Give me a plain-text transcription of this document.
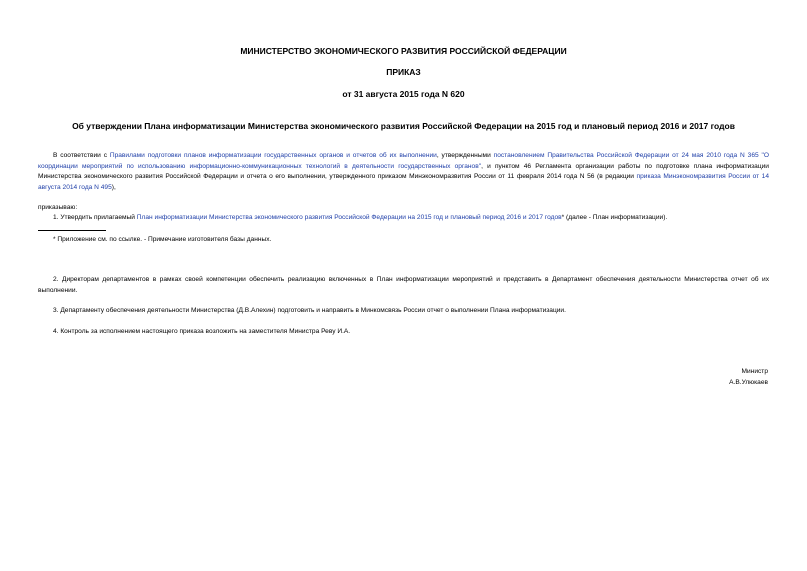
МИНИСТЕРСТВО ЭКОНОМИЧЕСКОГО РАЗВИТИЯ РОССИЙСКОЙ ФЕДЕРАЦИИ
ПРИКАЗ
от 31 августа 2015 года N 620
Об утверждении Плана информатизации Министерства экономического развития Российской Федерации на 2015 год и плановый период 2016 и 2017 годов
В соответствии с Правилами подготовки планов информатизации государственных органов и отчетов об их выполнении, утвержденными постановлением Правительства Российской Федерации от 24 мая 2010 года N 365 "О координации мероприятий по использованию информационно-коммуникационных технологий в деятельности государственных органов", и пунктом 46 Регламента организации работы по подготовке плана информатизации Министерства экономического развития Российской Федерации и отчета о его выполнении, утвержденного приказом Минэкономразвития России от 11 февраля 2014 года N 56 (в редакции приказа Минэкономразвития России от 14 августа 2014 года N 495),
приказываю:
1. Утвердить прилагаемый План информатизации Министерства экономического развития Российской Федерации на 2015 год и плановый период 2016 и 2017 годов* (далее - План информатизации).
* Приложение см. по ссылке. - Примечание изготовителя базы данных.
2. Директорам департаментов в рамках своей компетенции обеспечить реализацию включенных в План информатизации мероприятий и представить в Департамент обеспечения деятельности Министерства отчет об их выполнении.
3. Департаменту обеспечения деятельности Министерства (Д.В.Алехин) подготовить и направить в Минкомсвязь России отчет о выполнении Плана информатизации.
4. Контроль за исполнением настоящего приказа возложить на заместителя Министра Реву И.А.
Министр
А.В.Улюкаев
